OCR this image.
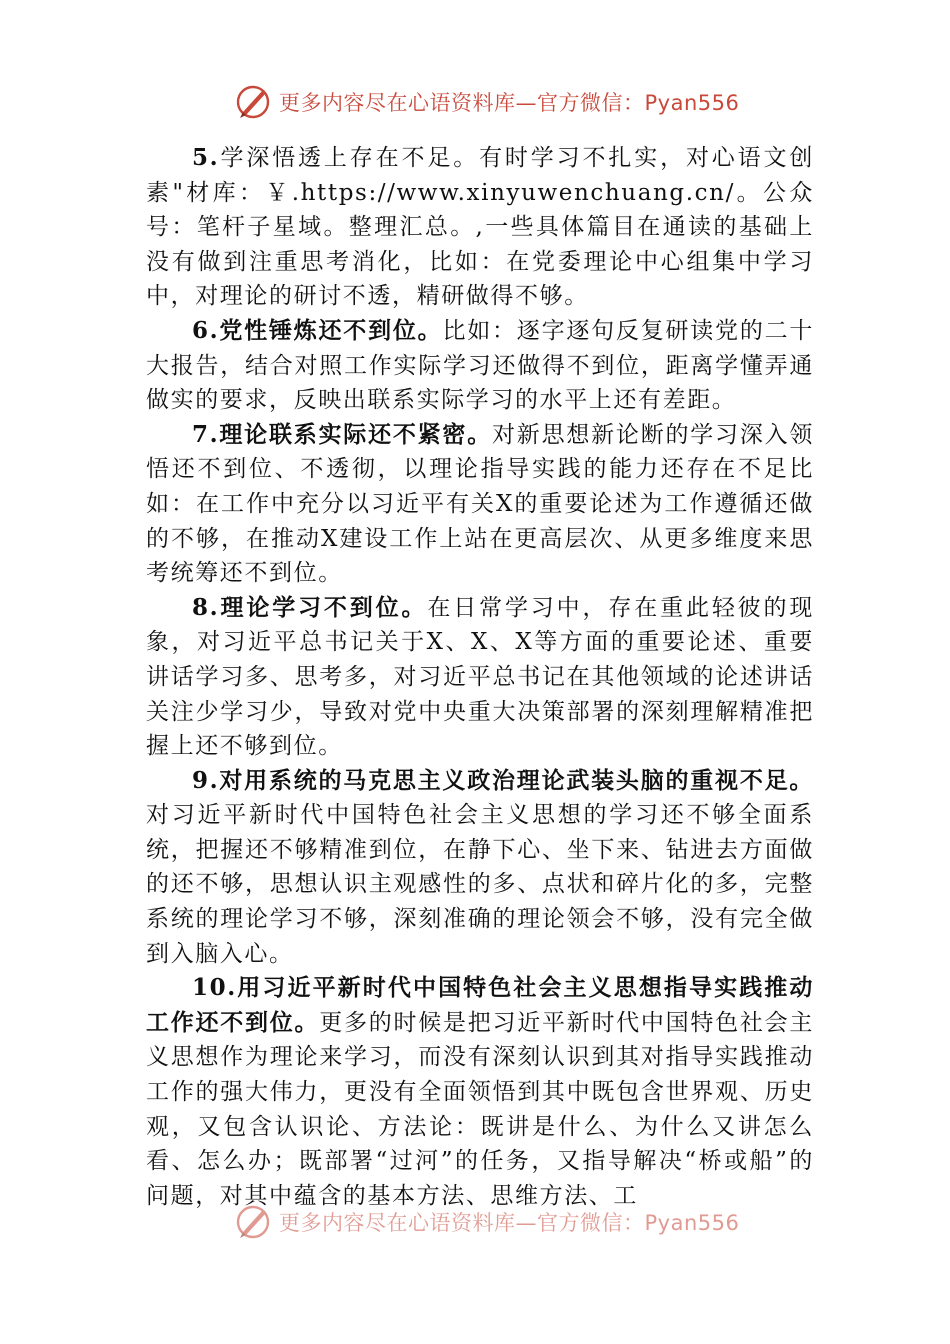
更多内容尽在心语资料库—官方微信：Pyan556

5.学深悟透上存在不足。有时学习不扎实，对心语文创素"材库：￥.https://www.xinyuwenchuang.cn/。公众号：笔杆子星域。整理汇总。,一些具体篇目在通读的基础上没有做到注重思考消化，比如：在党委理论中心组集中学习中，对理论的研讨不透，精研做得不够。

6.党性锤炼还不到位。比如：逐字逐句反复研读党的二十大报告，结合对照工作实际学习还做得不到位，距离学懂弄通做实的要求，反映出联系实际学习的水平上还有差距。

7.理论联系实际还不紧密。对新思想新论断的学习深入领悟还不到位、不透彻，以理论指导实践的能力还存在不足比如：在工作中充分以习近平有关X的重要论述为工作遵循还做的不够，在推动X建设工作上站在更高层次、从更多维度来思考统筹还不到位。

8.理论学习不到位。在日常学习中，存在重此轻彼的现象，对习近平总书记关于X、X、X等方面的重要论述、重要讲话学习多、思考多，对习近平总书记在其他领域的论述讲话关注少学习少，导致对党中央重大决策部署的深刻理解精准把握上还不够到位。

9.对用系统的马克思主义政治理论武装头脑的重视不足。对习近平新时代中国特色社会主义思想的学习还不够全面系统，把握还不够精准到位，在静下心、坐下来、钻进去方面做的还不够，思想认识主观感性的多、点状和碎片化的多，完整系统的理论学习不够，深刻准确的理论领会不够，没有完全做到入脑入心。

10.用习近平新时代中国特色社会主义思想指导实践推动工作还不到位。更多的时候是把习近平新时代中国特色社会主义思想作为理论来学习，而没有深刻认识到其对指导实践推动工作的强大伟力，更没有全面领悟到其中既包含世界观、历史观，又包含认识论、方法论：既讲是什么、为什么又讲怎么看、怎么办；既部署“过河”的任务，又指导解决“桥或船”的问题，对其中蕴含的基本方法、思维方法、工

更多内容尽在心语资料库—官方微信：Pyan556
